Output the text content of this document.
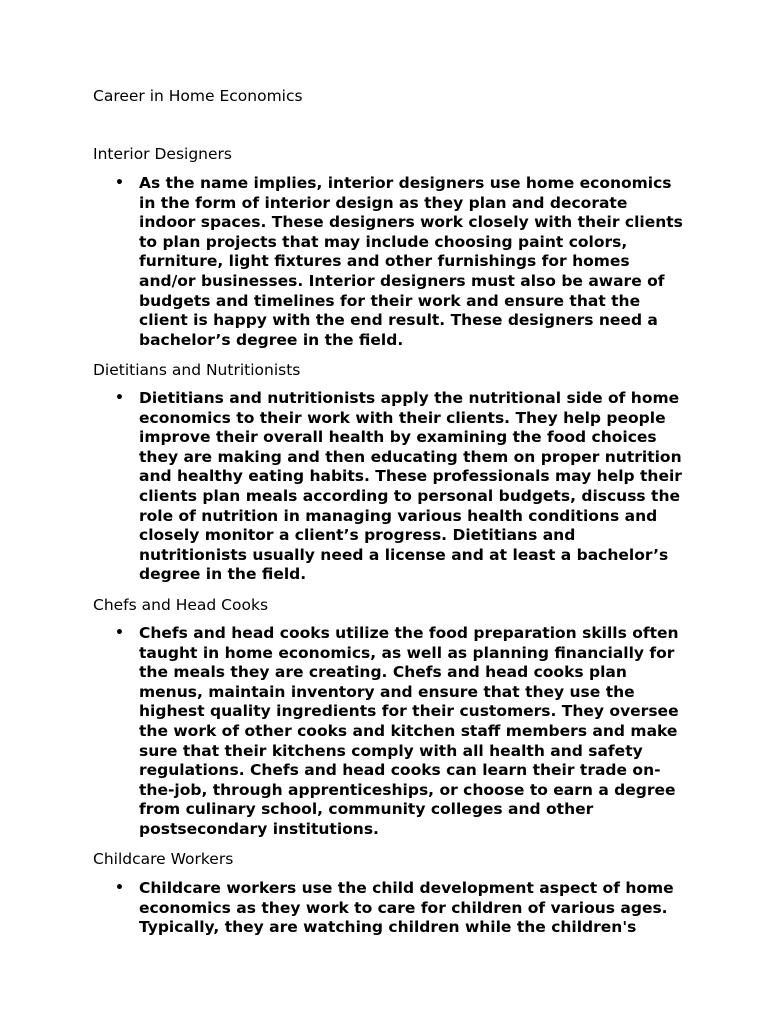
Career in Home Economics

Interior Designers

• As the name implies, interior designers use home economics in the form of interior design as they plan and decorate indoor spaces. These designers work closely with their clients to plan projects that may include choosing paint colors, furniture, light fixtures and other furnishings for homes and/or businesses. Interior designers must also be aware of budgets and timelines for their work and ensure that the client is happy with the end result. These designers need a bachelor’s degree in the field.

Dietitians and Nutritionists

• Dietitians and nutritionists apply the nutritional side of home economics to their work with their clients. They help people improve their overall health by examining the food choices they are making and then educating them on proper nutrition and healthy eating habits. These professionals may help their clients plan meals according to personal budgets, discuss the role of nutrition in managing various health conditions and closely monitor a client’s progress. Dietitians and nutritionists usually need a license and at least a bachelor’s degree in the field.

Chefs and Head Cooks

• Chefs and head cooks utilize the food preparation skills often taught in home economics, as well as planning financially for the meals they are creating. Chefs and head cooks plan menus, maintain inventory and ensure that they use the highest quality ingredients for their customers. They oversee the work of other cooks and kitchen staff members and make sure that their kitchens comply with all health and safety regulations. Chefs and head cooks can learn their trade on-the-job, through apprenticeships, or choose to earn a degree from culinary school, community colleges and other postsecondary institutions.

Childcare Workers

• Childcare workers use the child development aspect of home economics as they work to care for children of various ages. Typically, they are watching children while the children's
